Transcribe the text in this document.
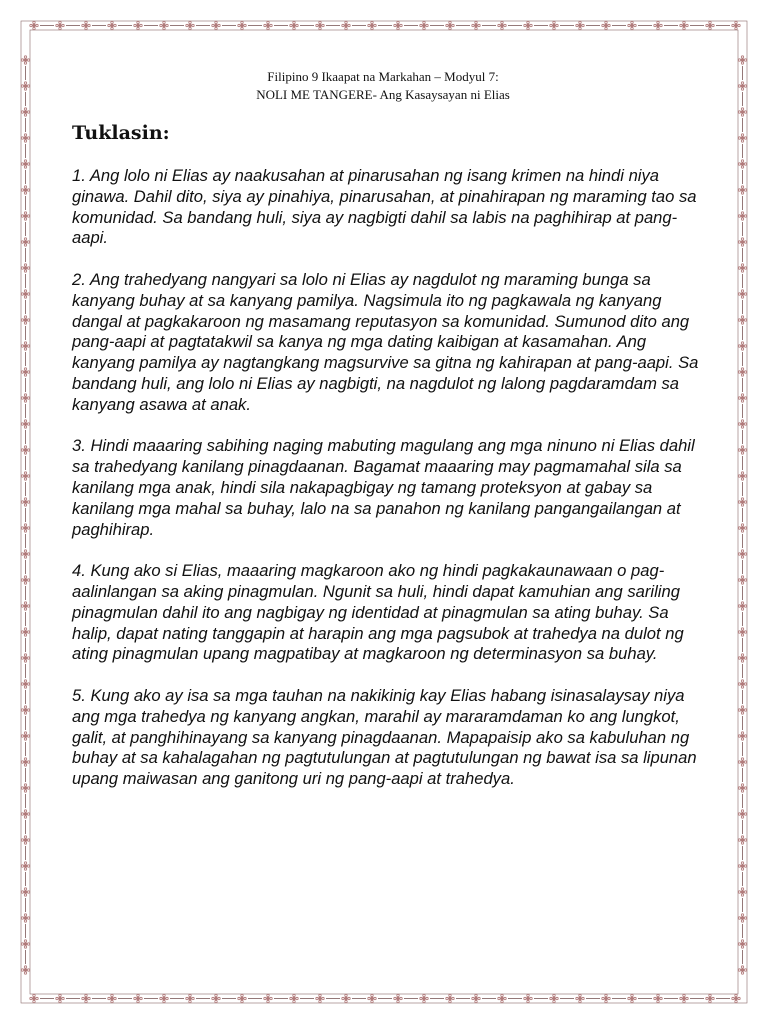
Filipino 9 Ikaapat na Markahan – Modyul 7:
NOLI ME TANGERE- Ang Kasaysayan ni Elias
Tuklasin:

1. Ang lolo ni Elias ay naakusahan at pinarusahan ng isang krimen na hindi niya ginawa. Dahil dito, siya ay pinahiya, pinarusahan, at pinahirapan ng maraming tao sa komunidad. Sa bandang huli, siya ay nagbigti dahil sa labis na paghihirap at pang-aapi.

2. Ang trahedyang nangyari sa lolo ni Elias ay nagdulot ng maraming bunga sa kanyang buhay at sa kanyang pamilya. Nagsimula ito ng pagkawala ng kanyang dangal at pagkakaroon ng masamang reputasyon sa komunidad. Sumunod dito ang pang-aapi at pagtatakwil sa kanya ng mga dating kaibigan at kasamahan. Ang kanyang pamilya ay nagtangkang magsurvive sa gitna ng kahirapan at pang-aapi. Sa bandang huli, ang lolo ni Elias ay nagbigti, na nagdulot ng lalong pagdaramdam sa kanyang asawa at anak.

3. Hindi maaaring sabihing naging mabuting magulang ang mga ninuno ni Elias dahil sa trahedyang kanilang pinagdaanan. Bagamat maaaring may pagmamahal sila sa kanilang mga anak, hindi sila nakapagbigay ng tamang proteksyon at gabay sa kanilang mga mahal sa buhay, lalo na sa panahon ng kanilang pangangailangan at paghihirap.

4. Kung ako si Elias, maaaring magkaroon ako ng hindi pagkakaunawaan o pag-aalinlangan sa aking pinagmulan. Ngunit sa huli, hindi dapat kamuhian ang sariling pinagmulan dahil ito ang nagbigay ng identidad at pinagmulan sa ating buhay. Sa halip, dapat nating tanggapin at harapin ang mga pagsubok at trahedya na dulot ng ating pinagmulan upang magpatibay at magkaroon ng determinasyon sa buhay.

5. Kung ako ay isa sa mga tauhan na nakikinig kay Elias habang isinasalaysay niya ang mga trahedya ng kanyang angkan, marahil ay mararamdaman ko ang lungkot, galit, at panghihinayang sa kanyang pinagdaanan. Mapapaisip ako sa kabuluhan ng buhay at sa kahalagahan ng pagtutulungan at pagtutulungan ng bawat isa sa lipunan upang maiwasan ang ganitong uri ng pang-aapi at trahedya.
